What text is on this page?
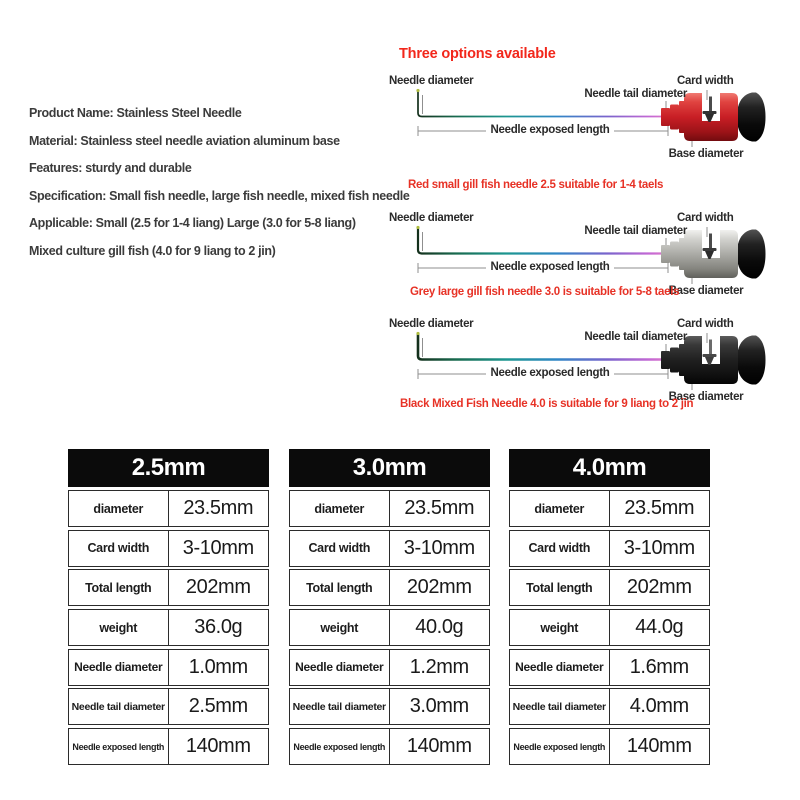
Product Name: Stainless Steel Needle

Material: Stainless steel needle aviation aluminum base

Features: sturdy and durable

Specification: Small fish needle, large fish needle, mixed fish needle

Applicable: Small (2.5 for 1-4 liang) Large (3.0 for 5-8 liang)

Mixed culture gill fish (4.0 for 9 liang to 2 jin)

Three options available
Needle diameter	Card width
Needle tail diameter
Needle exposed length
Base diameter
Red small gill fish needle 2.5 suitable for 1-4 taels
Needle diameter	Card width
Needle tail diameter
Needle exposed length
Base diameter
Grey large gill fish needle 3.0 is suitable for 5-8 taels
Needle diameter	Card width
Needle tail diameter
Needle exposed length
Base diameter
Black Mixed Fish Needle 4.0 is suitable for 9 liang to 2 jin
2.5mm
diameter	23.5mm
Card width	3-10mm
Total length	202mm
weight	36.0g
Needle diameter	1.0mm
Needle tail diameter	2.5mm
Needle exposed length	140mm
3.0mm
diameter	23.5mm
Card width	3-10mm
Total length	202mm
weight	40.0g
Needle diameter	1.2mm
Needle tail diameter	3.0mm
Needle exposed length	140mm
4.0mm
diameter	23.5mm
Card width	3-10mm
Total length	202mm
weight	44.0g
Needle diameter	1.6mm
Needle tail diameter	4.0mm
Needle exposed length	140mm
